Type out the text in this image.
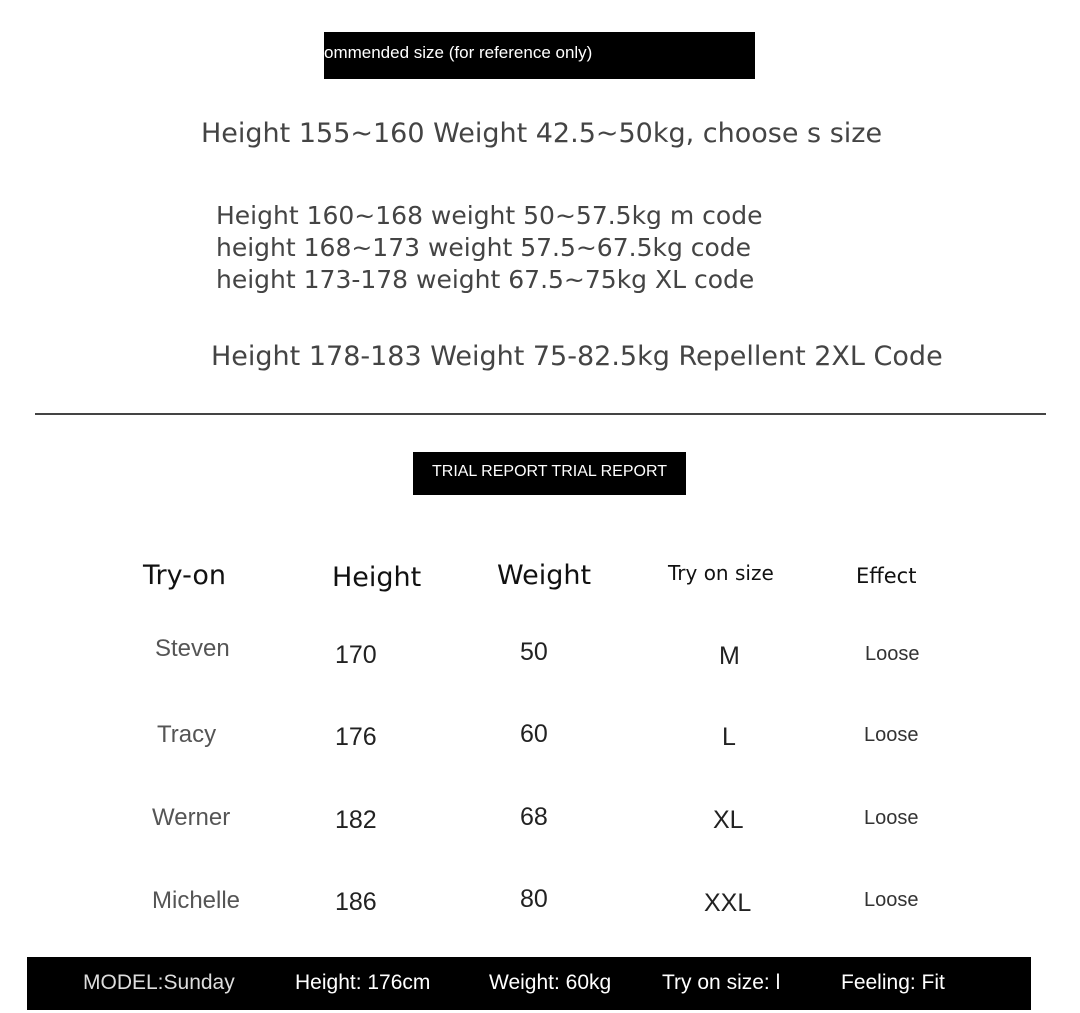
ommended size (for reference only)
Height 155~160 Weight 42.5~50kg, choose s size
Height 160~168 weight 50~57.5kg m code
height 168~173 weight 57.5~67.5kg code
height 173-178 weight 67.5~75kg XL code
Height 178-183 Weight 75-82.5kg Repellent 2XL Code
TRIAL REPORT TRIAL REPORT
Try-on	Height	Weight	Try on size	Effect
Steven	170	50	M	Loose
Tracy	176	60	L	Loose
Werner	182	68	XL	Loose
Michelle	186	80	XXL	Loose
MODEL:Sunday	Height: 176cm	Weight: 60kg Try on size: l	Feeling: Fit
